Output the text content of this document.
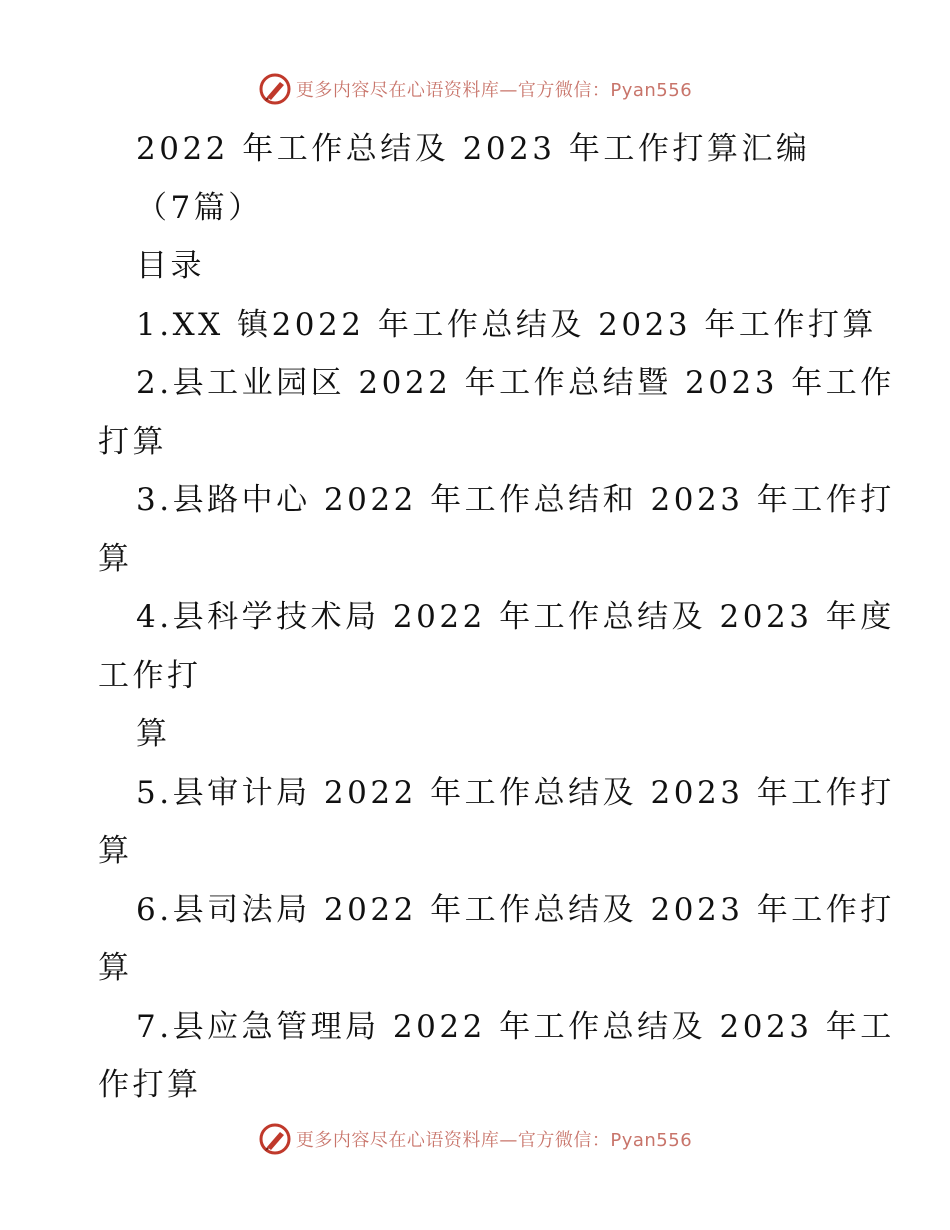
更多内容尽在心语资料库—官方微信：Pyan556
2022 年工作总结及 2023 年工作打算汇编
（7篇）
目录
1.XX 镇2022 年工作总结及 2023 年工作打算
2.县工业园区 2022 年工作总结暨 2023 年工作
打算
3.县路中心 2022 年工作总结和 2023 年工作打
算
4.县科学技术局 2022 年工作总结及 2023 年度
工作打
算
5.县审计局 2022 年工作总结及 2023 年工作打
算
6.县司法局 2022 年工作总结及 2023 年工作打
算
7.县应急管理局 2022 年工作总结及 2023 年工
作打算
更多内容尽在心语资料库—官方微信：Pyan556
